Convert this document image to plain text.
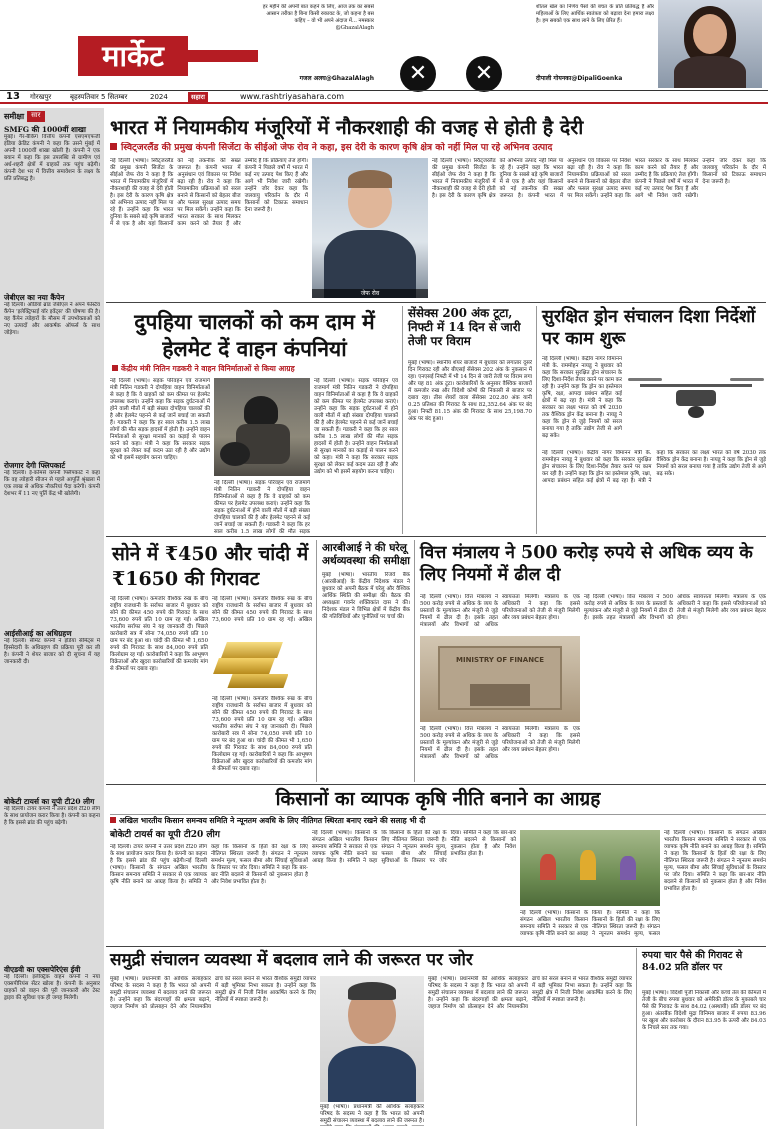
मार्केट
हर महीने की अपनी बात कहने के लिए, आज तक का सबसे आसान तरीका है बिना किसी रुकावट के, जो कहना है बस कहिए – वो भी अपने अंदाज में... नमस्कार @GhazalAlagh
गजल अलघ@GhazalAlagh	✕	✕
शीतल खेल का निर्णय पैसों की बचत के प्रति प्रतिबद्ध है और महिलाओं के लिए आर्थिक स्वतंत्रता को बढ़ावा देना हमारा लक्ष्य है। हम सबको एक साथ लाने के लिए प्रेरित हैं।
दीपाली गोयनका@DipaliGoenka
13 गोरखपुर	बृहस्पतिवार 5 सितम्बर	2024	सहारा	www.rashtriyasahara.com
समीक्षा	सार
SMFG की 1000वीं शाखा
मुंबई। गैर-बैंकिंग वित्तीय कंपनी एसएमएफजी इंडिया क्रेडिट कंपनी ने कहा कि उसने मुंबई में अपनी 1000वीं शाखा खोली है। कंपनी ने एक बयान में कहा कि इस उपलब्धि से ग्रामीण एवं अर्ध-शहरी क्षेत्रों में ग्राहकों तक पहुंच बढ़ेगी। कंपनी देश भर में वित्तीय समावेशन के लक्ष्य के प्रति प्रतिबद्ध है।
जेबीएल का नया कैंपेन
नई दिल्ली। ऑडियो ब्रांड जेबीएल ने अपने फेस्टिव कैंपेन 'इलेक्ट्रिफाई यॉर इवेंट्स' की घोषणा की है। यह कैंपेन त्योहारों के मौसम में उपभोक्ताओं को नए उत्पादों और आकर्षक ऑफर्स के साथ जोड़ेगा।
रोजगार देगी फ्लिपकार्ट
नई दिल्ली। ई-कॉमर्स कंपनी फ्लिपकार्ट ने कहा कि वह त्योहारी सीजन से पहले आपूर्ति श्रृंखला में एक लाख से अधिक नौकरियां पैदा करेगी। कंपनी देशभर में 11 नए पूर्ति केंद्र भी खोलेगी।
आईसीआई का अधिग्रहण
नई दिल्ली। सीमेंट कंपनी ने इंडिया सीमेंट्स में हिस्सेदारी के अधिग्रहण की प्रक्रिया पूरी कर ली है। कंपनी ने शेयर बाजार को दी सूचना में यह जानकारी दी।
बोकेटी टायर्स का यूपी टी20 लीग
नई दिल्ली। टायर कंपनी ने उत्तर प्रदेश टी20 लीग के साथ प्रायोजन करार किया है। कंपनी का कहना है कि इससे ब्रांड की पहुंच बढ़ेगी।
वीएडवी का एक्सपेरिएंस ईवी
नई दिल्ली। इलेक्ट्रिक वाहन कंपनी ने नया एक्सपीरियंस सेंटर खोला है। कंपनी के अनुसार ग्राहकों को वाहन की पूरी जानकारी और टेस्ट ड्राइव की सुविधा एक ही जगह मिलेगी।
भारत में नियामकीय मंजूरियों में नौकरशाही की वजह से होती है देरी
स्विट्जरलैंड की प्रमुख कंपनी सिजेंटा के सीईओ जेफ रोव ने कहा, इस देरी के कारण कृषि क्षेत्र को नहीं मिल पा रहे अभिनव उत्पाद
नई दिल्ली (भाषा)। स्विट्जरलैंड की प्रमुख कंपनी सिजेंटा के सीईओ जेफ रोव ने कहा है कि भारत में नियामकीय मंजूरियों में नौकरशाही की वजह से देरी होती है। इस देरी के कारण कृषि क्षेत्र को अभिनव उत्पाद नहीं मिल पा रहे हैं। उन्होंने कहा कि भारत दुनिया के सबसे बड़े कृषि बाजारों में से एक है और यहां किसानों को नई तकनीक की सख्त जरूरत है। कंपनी भारत में अनुसंधान एवं विकास पर निवेश बढ़ा रही है। रोव ने कहा कि नियामकीय प्रक्रियाओं को सरल बनाने से किसानों को बेहतर बीज और फसल सुरक्षा उत्पाद समय पर मिल सकेंगे। उन्होंने कहा कि भारत सरकार के साथ मिलकर काम करने को तैयार हैं और उम्मीद है कि प्रक्रियाएं तेज होंगी। कंपनी ने पिछले वर्षों में भारत में कई नए उत्पाद पेश किए हैं और आगे भी निवेश जारी रखेगी। उन्होंने जोर देकर कहा कि जलवायु परिवर्तन के दौर में किसानों को टिकाऊ समाधान देना जरूरी है।
जेफ रोव
नई दिल्ली (भाषा)। स्विट्जरलैंड की प्रमुख कंपनी सिजेंटा के सीईओ जेफ रोव ने कहा है कि भारत में नियामकीय मंजूरियों में नौकरशाही की वजह से देरी होती है। इस देरी के कारण कृषि क्षेत्र को अभिनव उत्पाद नहीं मिल पा रहे हैं। उन्होंने कहा कि भारत दुनिया के सबसे बड़े कृषि बाजारों में से एक है और यहां किसानों को नई तकनीक की सख्त जरूरत है। कंपनी भारत में अनुसंधान एवं विकास पर निवेश बढ़ा रही है। रोव ने कहा कि नियामकीय प्रक्रियाओं को सरल बनाने से किसानों को बेहतर बीज और फसल सुरक्षा उत्पाद समय पर मिल सकेंगे। उन्होंने कहा कि भारत सरकार के साथ मिलकर काम करने को तैयार हैं और उम्मीद है कि प्रक्रियाएं तेज होंगी। कंपनी ने पिछले वर्षों में भारत में कई नए उत्पाद पेश किए हैं और आगे भी निवेश जारी रखेगी। उन्होंने जोर देकर कहा कि जलवायु परिवर्तन के दौर में किसानों को टिकाऊ समाधान देना जरूरी है।
दुपहिया चालकों को कम दाम में हेलमेट दें वाहन कंपनियां
केंद्रीय मंत्री नितिन गडकरी ने वाहन विनिर्माताओं से किया आग्रह
नई दिल्ली (भाषा)। सड़क परिवहन एवं राजमार्ग मंत्री नितिन गडकरी ने दोपहिया वाहन विनिर्माताओं से कहा है कि वे ग्राहकों को कम कीमत पर हेलमेट उपलब्ध कराएं। उन्होंने कहा कि सड़क दुर्घटनाओं में होने वाली मौतों में बड़ी संख्या दोपहिया चालकों की है और हेलमेट पहनने से कई जानें बचाई जा सकती हैं। गडकरी ने कहा कि हर साल करीब 1.5 लाख लोगों की मौत सड़क हादसों में होती है। उन्होंने वाहन निर्माताओं से सुरक्षा मानकों का कड़ाई से पालन करने को कहा। मंत्री ने कहा कि सरकार सड़क सुरक्षा को लेकर कई कदम उठा रही है और उद्योग को भी इसमें सहयोग करना चाहिए।
नई दिल्ली (भाषा)। सड़क परिवहन एवं राजमार्ग मंत्री नितिन गडकरी ने दोपहिया वाहन विनिर्माताओं से कहा है कि वे ग्राहकों को कम कीमत पर हेलमेट उपलब्ध कराएं। उन्होंने कहा कि सड़क दुर्घटनाओं में होने वाली मौतों में बड़ी संख्या दोपहिया चालकों की है और हेलमेट पहनने से कई जानें बचाई जा सकती हैं। गडकरी ने कहा कि हर साल करीब 1.5 लाख लोगों की मौत सड़क
नई दिल्ली (भाषा)। सड़क परिवहन एवं राजमार्ग मंत्री नितिन गडकरी ने दोपहिया वाहन विनिर्माताओं से कहा है कि वे ग्राहकों को कम कीमत पर हेलमेट उपलब्ध कराएं। उन्होंने कहा कि सड़क दुर्घटनाओं में होने वाली मौतों में बड़ी संख्या दोपहिया चालकों की है और हेलमेट पहनने से कई जानें बचाई जा सकती हैं। गडकरी ने कहा कि हर साल करीब 1.5 लाख लोगों की मौत सड़क हादसों में होती है। उन्होंने वाहन निर्माताओं से सुरक्षा मानकों का कड़ाई से पालन करने को कहा। मंत्री ने कहा कि सरकार सड़क सुरक्षा को लेकर कई कदम उठा रही है और उद्योग को भी इसमें सहयोग करना चाहिए।
सेंसेक्स 200 अंक टूटा, निफ्टी में 14 दिन से जारी तेजी पर विराम
मुंबई (भाषा)। स्थानीय शेयर बाजारों में बुधवार को लगातार दूसरे दिन गिरावट रही और बीएसई सेंसेक्स 202 अंक के नुकसान में रहा। एनएसई निफ्टी में भी 14 दिन से जारी तेजी पर विराम लगा और यह 81 अंक टूटा। कारोबारियों के अनुसार वैश्विक बाजारों में कमजोर रुख और विदेशी कोषों की निकासी से बाजार पर दबाव रहा। तीस शेयरों वाला सेंसेक्स 202.80 अंक यानी 0.25 प्रतिशत की गिरावट के साथ 82,352.64 अंक पर बंद हुआ। निफ्टी 81.15 अंक की गिरावट के साथ 25,198.70 अंक पर बंद हुआ।
सुरक्षित ड्रोन संचालन दिशा निर्देशों पर काम शुरू
नई दिल्ली (भाषा)। केंद्रीय नागर विमानन मंत्री के. राममोहन नायडू ने बुधवार को कहा कि सरकार सुरक्षित ड्रोन संचालन के लिए दिशा-निर्देश तैयार करने पर काम कर रही है। उन्होंने कहा कि ड्रोन का इस्तेमाल कृषि, रक्षा, आपदा प्रबंधन सहित कई क्षेत्रों में बढ़ रहा है। मंत्री ने कहा कि सरकार का लक्ष्य भारत को वर्ष 2030 तक वैश्विक ड्रोन केंद्र बनाना है। नायडू ने कहा कि ड्रोन से जुड़े नियमों को सरल बनाया गया है ताकि उद्योग तेजी से आगे बढ़ सके।
नई दिल्ली (भाषा)। केंद्रीय नागर विमानन मंत्री के. राममोहन नायडू ने बुधवार को कहा कि सरकार सुरक्षित ड्रोन संचालन के लिए दिशा-निर्देश तैयार करने पर काम कर रही है। उन्होंने कहा कि ड्रोन का इस्तेमाल कृषि, रक्षा, आपदा प्रबंधन सहित कई क्षेत्रों में बढ़ रहा है। मंत्री ने कहा कि सरकार का लक्ष्य भारत को वर्ष 2030 तक वैश्विक ड्रोन केंद्र बनाना है। नायडू ने कहा कि ड्रोन से जुड़े नियमों को सरल बनाया गया है ताकि उद्योग तेजी से आगे बढ़ सके।
सोने में ₹450 और चांदी में ₹1650 की गिरावट
नई दिल्ली (भाषा)। कमजोर वैश्विक रुख के बीच राष्ट्रीय राजधानी के सर्राफा बाजार में बुधवार को सोने की कीमत 450 रुपये की गिरावट के साथ 73,600 रुपये प्रति 10 ग्राम रह गई। अखिल भारतीय सर्राफा संघ ने यह जानकारी दी। पिछले कारोबारी सत्र में सोना 74,050 रुपये प्रति 10 ग्राम पर बंद हुआ था। चांदी की कीमत भी 1,650 रुपये की गिरावट के साथ 84,000 रुपये प्रति किलोग्राम रह गई। कारोबारियों ने कहा कि आभूषण विक्रेताओं और खुदरा कारोबारियों की कमजोर मांग से कीमतों पर दबाव रहा।
नई दिल्ली (भाषा)। कमजोर वैश्विक रुख के बीच राष्ट्रीय राजधानी के सर्राफा बाजार में बुधवार को सोने की कीमत 450 रुपये की गिरावट के साथ 73,600 रुपये प्रति 10 ग्राम रह गई। अखिल
नई दिल्ली (भाषा)। कमजोर वैश्विक रुख के बीच राष्ट्रीय राजधानी के सर्राफा बाजार में बुधवार को सोने की कीमत 450 रुपये की गिरावट के साथ 73,600 रुपये प्रति 10 ग्राम रह गई। अखिल भारतीय सर्राफा संघ ने यह जानकारी दी। पिछले कारोबारी सत्र में सोना 74,050 रुपये प्रति 10 ग्राम पर बंद हुआ था। चांदी की कीमत भी 1,650 रुपये की गिरावट के साथ 84,000 रुपये प्रति किलोग्राम रह गई। कारोबारियों ने कहा कि आभूषण विक्रेताओं और खुदरा कारोबारियों की कमजोर मांग से कीमतों पर दबाव रहा।
आरबीआई ने की घरेलू अर्थव्यवस्था की समीक्षा
मुंबई (भाषा)। भारतीय रिजर्व बैंक (आरबीआई) के केंद्रीय निदेशक मंडल ने बुधवार को अपनी बैठक में घरेलू और वैश्विक आर्थिक स्थिति की समीक्षा की। बैठक की अध्यक्षता गवर्नर शक्तिकांत दास ने की। निदेशक मंडल ने विभिन्न क्षेत्रों में केंद्रीय बैंक की गतिविधियों और चुनौतियों पर चर्चा की।
वित्त मंत्रालय ने 500 करोड़ रुपये से अधिक व्यय के लिए नियमों में ढील दी
नई दिल्ली (भाषा)। वित्त मंत्रालय ने 500 करोड़ रुपये से अधिक के व्यय के प्रस्तावों के मूल्यांकन और मंजूरी से जुड़े नियमों में ढील दी है। इसके तहत मंत्रालयों और विभागों को अधिक स्वायत्तता मिलेगी। मंत्रालय के एक अधिकारी ने कहा कि इससे परियोजनाओं को तेजी से मंजूरी मिलेगी और व्यय प्रबंधन बेहतर होगा।
MINISTRY OF FINANCE
नई दिल्ली (भाषा)। वित्त मंत्रालय ने 500 करोड़ रुपये से अधिक के व्यय के प्रस्तावों के मूल्यांकन और मंजूरी से जुड़े नियमों में ढील दी है। इसके तहत मंत्रालयों और विभागों को अधिक स्वायत्तता मिलेगी। मंत्रालय के एक अधिकारी ने कहा कि इससे परियोजनाओं को तेजी से मंजूरी मिलेगी और व्यय प्रबंधन बेहतर होगा।
नई दिल्ली (भाषा)। वित्त मंत्रालय ने 500 करोड़ रुपये से अधिक के व्यय के प्रस्तावों के मूल्यांकन और मंजूरी से जुड़े नियमों में ढील दी है। इसके तहत मंत्रालयों और विभागों को अधिक स्वायत्तता मिलेगी। मंत्रालय के एक अधिकारी ने कहा कि इससे परियोजनाओं को तेजी से मंजूरी मिलेगी और व्यय प्रबंधन बेहतर होगा।
किसानों का व्यापक कृषि नीति बनाने का आग्रह
अखिल भारतीय किसान समन्वय समिति ने न्यूनतम अवधि के लिए नीतिगत स्थिरता बनाए रखने की सलाह भी दी
नई दिल्ली (भाषा)। किसानों के संगठन अखिल भारतीय किसान समन्वय समिति ने सरकार से एक व्यापक कृषि नीति बनाने का आग्रह किया है। समिति ने कहा कि किसानों के हितों की रक्षा के लिए नीतिगत स्थिरता जरूरी है। संगठन ने न्यूनतम समर्थन मूल्य, फसल बीमा और सिंचाई सुविधाओं के विस्तार पर जोर दिया। समिति ने कहा कि बार-बार नीति बदलने से किसानों को नुकसान होता है और निवेश प्रभावित होता है।
नई दिल्ली (भाषा)। किसानों के संगठन अखिल भारतीय किसान समन्वय समिति ने सरकार से एक व्यापक कृषि नीति बनाने का आग्रह किया है। समिति ने कहा कि किसानों के हितों की रक्षा के लिए नीतिगत स्थिरता जरूरी है। संगठन ने न्यूनतम समर्थन मूल्य, फसल
नई दिल्ली (भाषा)। किसानों के संगठन अखिल भारतीय किसान समन्वय समिति ने सरकार से एक व्यापक कृषि नीति बनाने का आग्रह किया है। समिति ने कहा कि किसानों के हितों की रक्षा के लिए नीतिगत स्थिरता जरूरी है। संगठन ने न्यूनतम समर्थन मूल्य, फसल बीमा और सिंचाई सुविधाओं के विस्तार पर जोर दिया। समिति ने कहा कि बार-बार नीति बदलने से किसानों को नुकसान होता है और निवेश प्रभावित होता है।
बोकेटी टायर्स का यूपी टी20 लीग
नई दिल्ली। टायर कंपनी ने उत्तर प्रदेश टी20 लीग के साथ प्रायोजन करार किया है। कंपनी का कहना है कि इससे ब्रांड की पहुंच बढ़ेगी।नई दिल्ली (भाषा)। किसानों के संगठन अखिल भारतीय किसान समन्वय समिति ने सरकार से एक व्यापक कृषि नीति बनाने का आग्रह किया है। समिति ने कहा कि किसानों के हितों की रक्षा के लिए नीतिगत स्थिरता जरूरी है। संगठन ने न्यूनतम समर्थन मूल्य, फसल बीमा और सिंचाई सुविधाओं के विस्तार पर जोर दिया। समिति ने कहा कि बार-बार नीति बदलने से किसानों को नुकसान होता है और निवेश प्रभावित होता है।
समुद्री संचालन व्यवस्था में बदलाव लाने की जरूरत पर जोर
मुंबई (भाषा)। प्रधानमंत्री की आर्थिक सलाहकार परिषद के सदस्य ने कहा है कि भारत को अपनी समुद्री संचालन व्यवस्था में बदलाव लाने की जरूरत है। उन्होंने कहा कि बंदरगाहों की क्षमता बढ़ाने, जहाज निर्माण को प्रोत्साहन देने और नियामकीय ढांचे को सरल बनाने से भारत वैश्विक समुद्री व्यापार में बड़ी भूमिका निभा सकता है। उन्होंने कहा कि समुद्री क्षेत्र में निजी निवेश आकर्षित करने के लिए नीतियों में स्पष्टता जरूरी है।
मुंबई (भाषा)। प्रधानमंत्री की आर्थिक सलाहकार परिषद के सदस्य ने कहा है कि भारत को अपनी समुद्री संचालन व्यवस्था में बदलाव लाने की जरूरत है।
मुंबई (भाषा)। प्रधानमंत्री की आर्थिक सलाहकार परिषद के सदस्य ने कहा है कि भारत को अपनी समुद्री संचालन व्यवस्था में बदलाव लाने की जरूरत है। उन्होंने कहा कि बंदरगाहों की क्षमता बढ़ाने, जहाज निर्माण को प्रोत्साहन देने और नियामकीय ढांचे को सरल बनाने से भारत वैश्विक समुद्री व्यापार में बड़ी भूमिका निभा सकता है। उन्होंने कहा कि समुद्री क्षेत्र में निजी निवेश आकर्षित करने के लिए नीतियों में स्पष्टता जरूरी है।
रुपया चार पैसे की गिरावट से 84.02 प्रति डॉलर पर
मुंबई (भाषा)। विदेशी पूंजी निकासी और कच्चे तेल की कीमतों में तेजी के बीच रुपया बुधवार को अमेरिकी डॉलर के मुकाबले चार पैसे की गिरावट के साथ 84.02 (अस्थायी) प्रति डॉलर पर बंद हुआ। अंतरबैंक विदेशी मुद्रा विनिमय बाजार में रुपया 83.96 पर खुला और कारोबार के दौरान 83.95 के ऊपरी और 84.03 के निचले स्तर तक गया।
